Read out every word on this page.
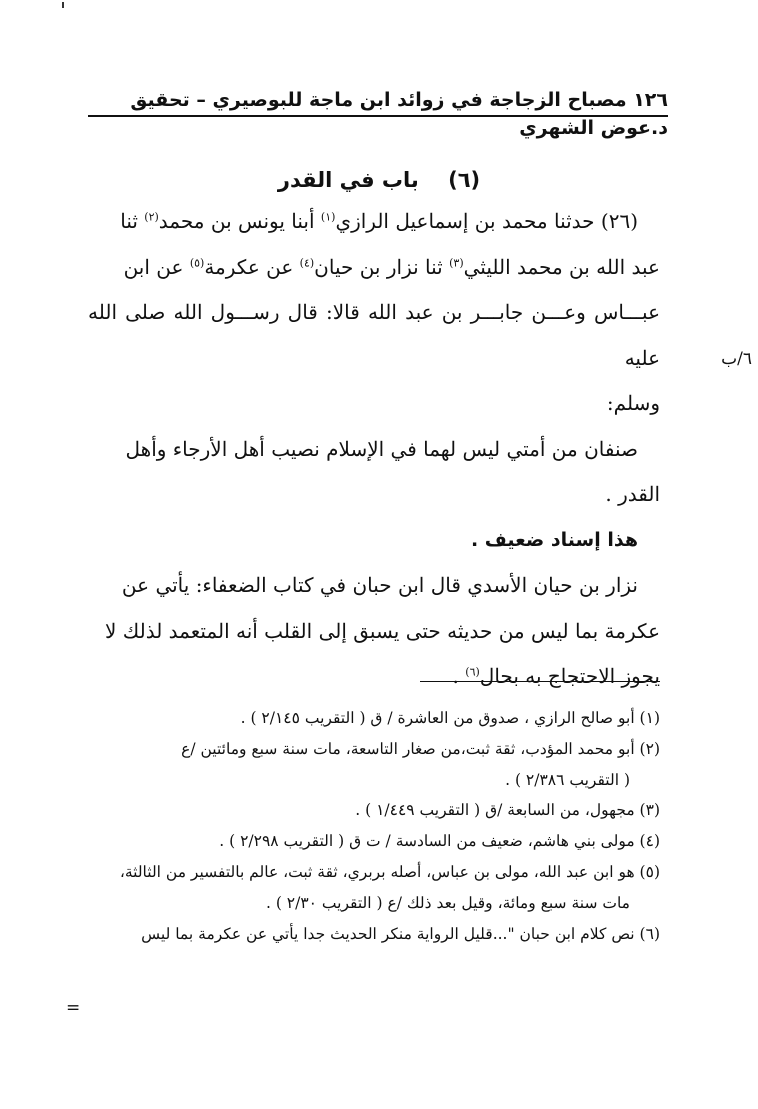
١٢٦ مصباح الزجاجة في زوائد ابن ماجة للبوصيري – تحقيق د.عوض الشهري
(٦) باب في القدر

(٢٦) حدثنا محمد بن إسماعيل الرازي$^{(١)}$ أبنا يونس بن محمد$^{(٢)}$ ثنا

عبد الله بن محمد الليثي$^{(٣)}$ ثنا نزار بن حيان$^{(٤)}$ عن عكرمة$^{(٥)}$ عن ابن

عبـــاس وعـــن جابـــر بن عبد الله قالا: قال رســـول الله صلى الله عليه

وسلم:

صنفان من أمتي ليس لهما في الإسلام نصيب أهل الأرجاء وأهل

القدر .

هذا إسناد ضعيف .

نزار بن حيان الأسدي قال ابن حبان في كتاب الضعفاء: يأتي عن

عكرمة بما ليس من حديثه حتى يسبق إلى القلب أنه المتعمد لذلك لا

يجوز الاحتجاج به بحال$^{(٦)}$ .

٦/ب

(١) أبو صالح الرازي ، صدوق من العاشرة / ق ( التقريب ٢/١٤٥ ) .

(٢) أبو محمد المؤدب، ثقة ثبت،من صغار التاسعة، مات سنة سبع ومائتين /ع

( التقريب ٢/٣٨٦ ) .

(٣) مجهول، من السابعة /ق ( التقريب ١/٤٤٩ ) .

(٤) مولى بني هاشم، ضعيف من السادسة / ت ق ( التقريب ٢/٢٩٨ ) .

(٥) هو ابن عبد الله، مولى بن عباس، أصله بربري، ثقة ثبت، عالم بالتفسير من الثالثة،

مات سنة سبع ومائة، وقيل بعد ذلك /ع ( التقريب ٢/٣٠ ) .

(٦) نص كلام ابن حبان "...قليل الرواية منكر الحديث جدا يأتي عن عكرمة بما ليس

=
